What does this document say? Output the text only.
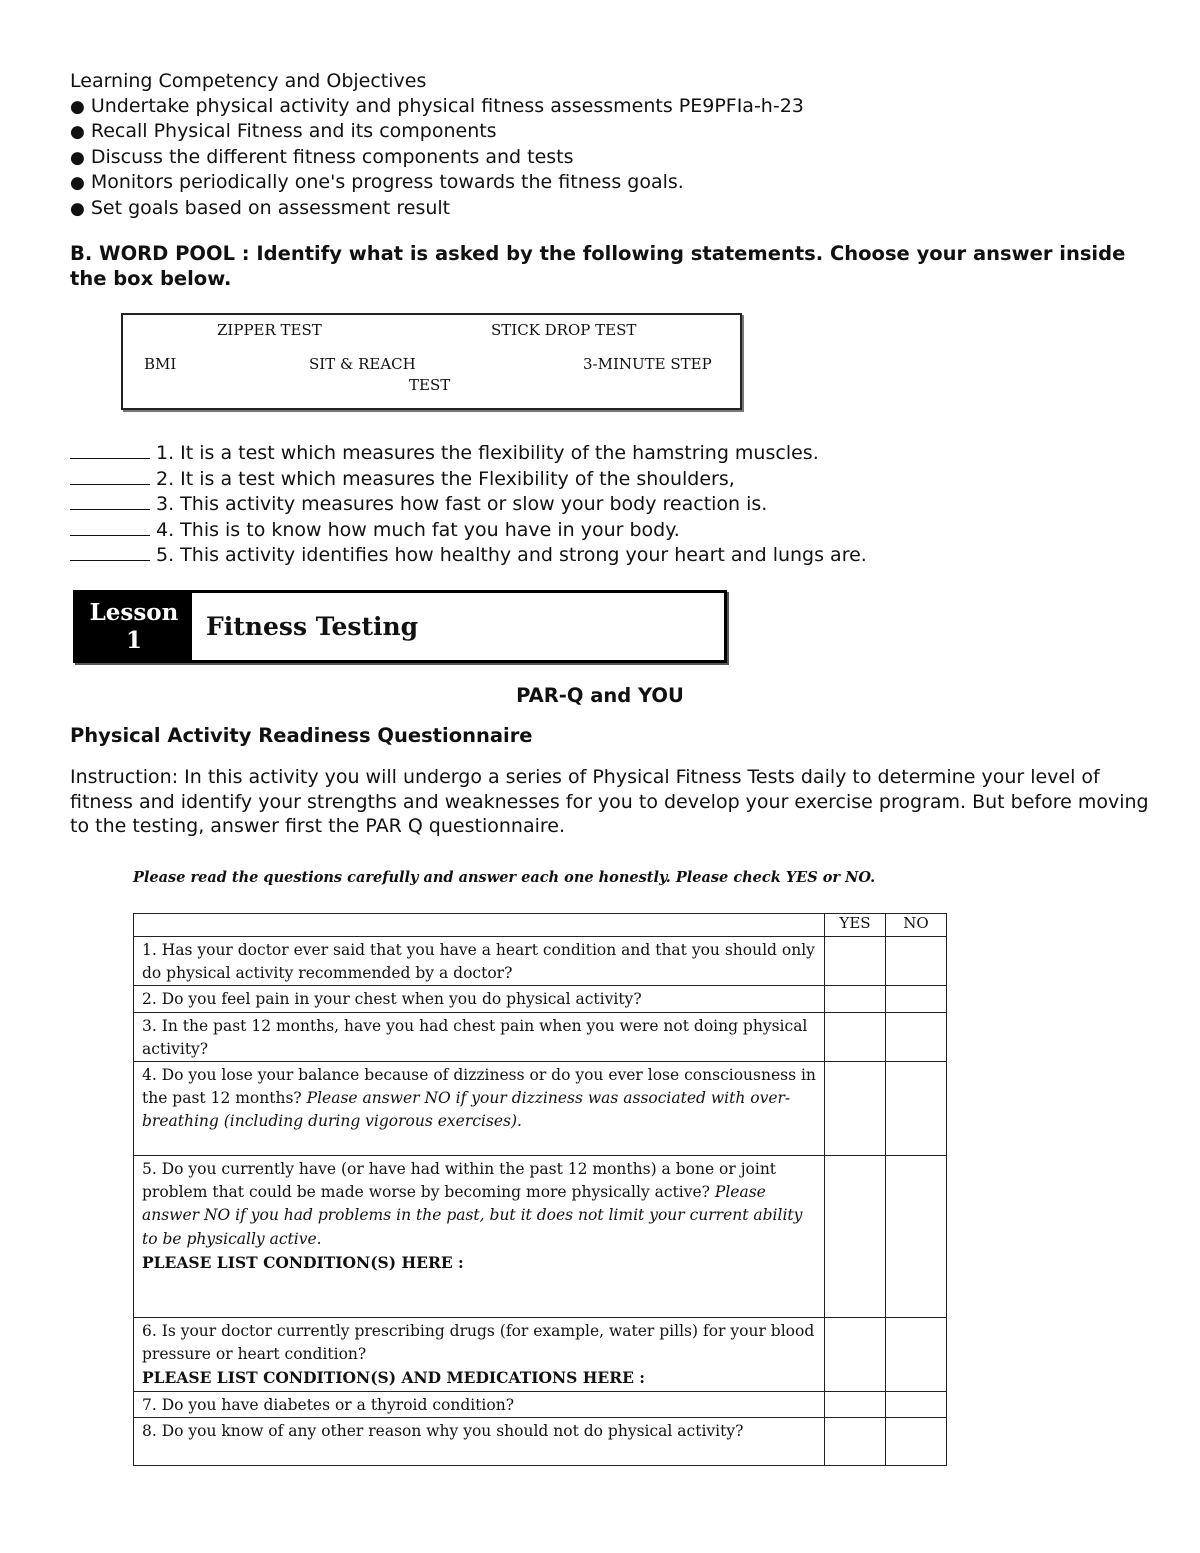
Learning Competency and Objectives
● Undertake physical activity and physical fitness assessments PE9PFIa-h-23
● Recall Physical Fitness and its components
● Discuss the different fitness components and tests
● Monitors periodically one's progress towards the fitness goals.
● Set goals based on assessment result
B. WORD POOL : Identify what is asked by the following statements. Choose your answer inside the box below.
ZIPPER TEST	STICK DROP TEST
BMI	SIT & REACH
TEST
3-MINUTE STEP
1. It is a test which measures the flexibility of the hamstring muscles.
2. It is a test which measures the Flexibility of the shoulders,
3. This activity measures how fast or slow your body reaction is.
4. This is to know how much fat you have in your body.
5. This activity identifies how healthy and strong your heart and lungs are.
Lesson
1	Fitness Testing
PAR-Q and YOU
Physical Activity Readiness Questionnaire
Instruction: In this activity you will undergo a series of Physical Fitness Tests daily to determine your level of fitness and identify your strengths and weaknesses for you to develop your exercise program. But before moving to the testing, answer first the PAR Q questionnaire.
Please read the questions carefully and answer each one honestly. Please check YES or NO.
	YES	NO
1. Has your doctor ever said that you have a heart condition and that you should only do physical activity recommended by a doctor?		
2. Do you feel pain in your chest when you do physical activity?		
3. In the past 12 months, have you had chest pain when you were not doing physical activity?		
4. Do you lose your balance because of dizziness or do you ever lose consciousness in the past 12 months? Please answer NO if your dizziness was associated with over-breathing (including during vigorous exercises).		
5. Do you currently have (or have had within the past 12 months) a bone or joint problem that could be made worse by becoming more physically active? Please answer NO if you had problems in the past, but it does not limit your current ability to be physically active.
PLEASE LIST CONDITION(S) HERE :		
6. Is your doctor currently prescribing drugs (for example, water pills) for your blood pressure or heart condition?
PLEASE LIST CONDITION(S) AND MEDICATIONS HERE :		
7. Do you have diabetes or a thyroid condition?		
8. Do you know of any other reason why you should not do physical activity?		
